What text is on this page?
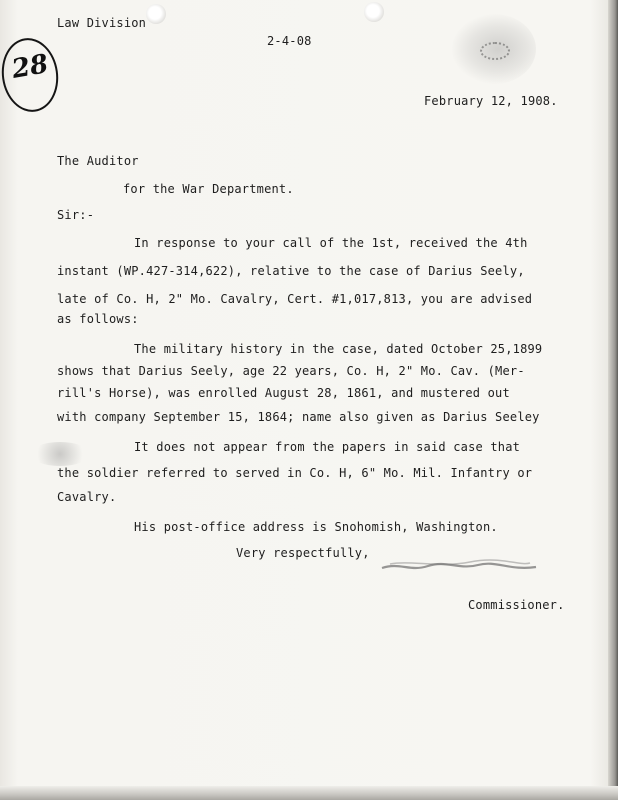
28
Law Division
2-4-08
February 12, 1908.
The Auditor
for the War Department.
Sir:-
In response to your call of the 1st, received the 4th
instant (WP.427-314,622), relative to the case of Darius Seely,
late of Co. H, 2" Mo. Cavalry, Cert. #1,017,813, you are advised
as follows:
The military history in the case, dated October 25,1899
shows that Darius Seely, age 22 years, Co. H, 2" Mo. Cav. (Mer-
rill's Horse), was enrolled August 28, 1861, and mustered out
with company September 15, 1864; name also given as Darius Seeley
It does not appear from the papers in said case that
the soldier referred to served in Co. H, 6" Mo. Mil. Infantry or
Cavalry.
His post-office address is Snohomish, Washington.
Very respectfully,
Commissioner.
